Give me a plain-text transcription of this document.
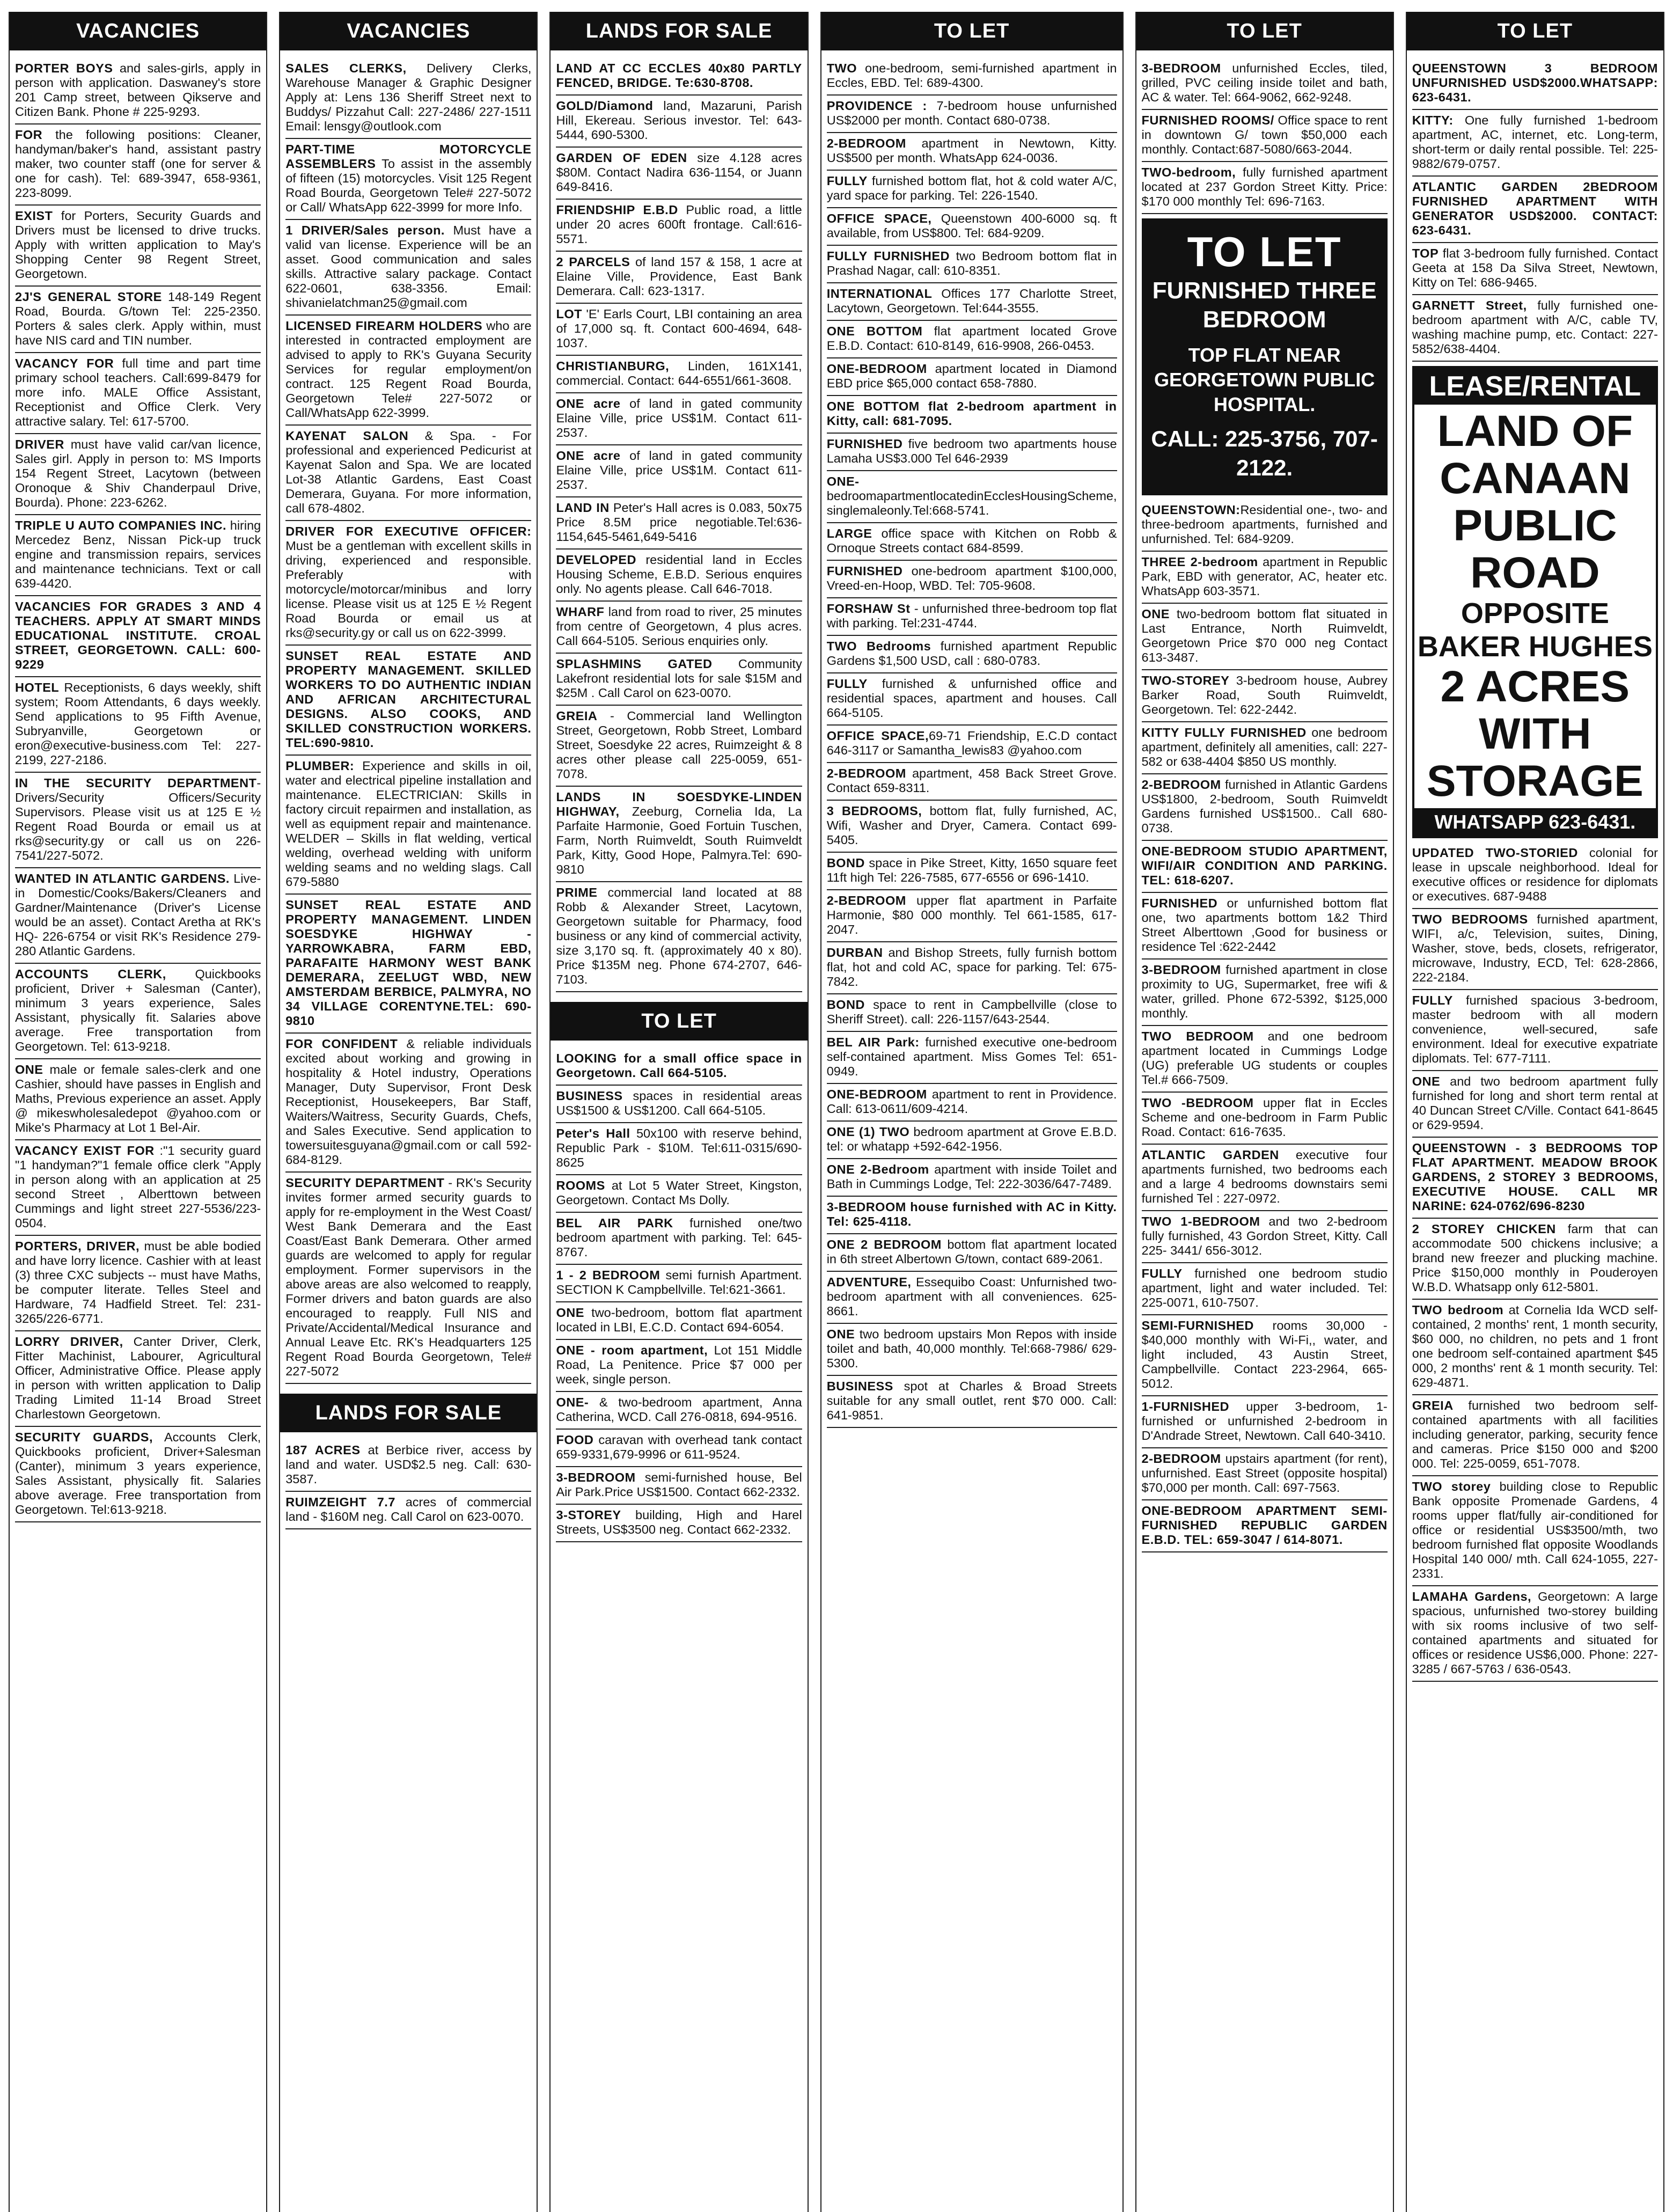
VACANCIES
PORTER BOYS and sales-girls, apply in person with application. Daswaney's store 201 Camp street, between Qikserve and Citizen Bank. Phone # 225-9293.
FOR the following positions: Cleaner, handyman/baker's hand, assistant pastry maker, two counter staff (one for server & one for cash). Tel: 689-3947, 658-9361, 223-8099.
EXIST for Porters, Security Guards and Drivers must be licensed to drive trucks. Apply with written application to May's Shopping Center 98 Regent Street, Georgetown.
2J'S GENERAL STORE 148-149 Regent Road, Bourda. G/town Tel: 225-2350. Porters & sales clerk. Apply within, must have NIS card and TIN number.
VACANCY FOR full time and part time primary school teachers. Call:699-8479 for more info. MALE Office Assistant, Receptionist and Office Clerk. Very attractive salary. Tel: 617-5700.
DRIVER must have valid car/van licence, Sales girl. Apply in person to: MS Imports 154 Regent Street, Lacytown (between Oronoque & Shiv Chanderpaul Drive, Bourda). Phone: 223-6262.
TRIPLE U AUTO COMPANIES INC. hiring Mercedez Benz, Nissan Pick-up truck engine and transmission repairs, services and maintenance technicians. Text or call 639-4420.
VACANCIES FOR GRADES 3 AND 4 TEACHERS. APPLY AT SMART MINDS EDUCATIONAL INSTITUTE. CROAL STREET, GEORGETOWN. CALL: 600-9229
HOTEL Receptionists, 6 days weekly, shift system; Room Attendants, 6 days weekly. Send applications to 95 Fifth Avenue, Subryanville, Georgetown or eron@executive-business.com Tel: 227-2199, 227-2186.
IN THE SECURITY DEPARTMENT- Drivers/Security Officers/Security Supervisors. Please visit us at 125 E ½ Regent Road Bourda or email us at rks@security.gy or call us on 226-7541/227-5072.
WANTED IN ATLANTIC GARDENS. Live-in Domestic/Cooks/Bakers/Cleaners and Gardner/Maintenance (Driver's License would be an asset). Contact Aretha at RK's HQ- 226-6754 or visit RK's Residence 279-280 Atlantic Gardens.
ACCOUNTS CLERK, Quickbooks proficient, Driver + Salesman (Canter), minimum 3 years experience, Sales Assistant, physically fit. Salaries above average. Free transportation from Georgetown. Tel: 613-9218.
ONE male or female sales-clerk and one Cashier, should have passes in English and Maths, Previous experience an asset. Apply @ mikeswholesaledepot @yahoo.com or Mike's Pharmacy at Lot 1 Bel-Air.
VACANCY EXIST FOR :"1 security guard "1 handyman?"1 female office clerk "Apply in person along with an application at 25 second Street , Alberttown between Cummings and light street 227-5536/223-0504.
PORTERS, DRIVER, must be able bodied and have lorry licence. Cashier with at least (3) three CXC subjects -- must have Maths, be computer literate. Telles Steel and Hardware, 74 Hadfield Street. Tel: 231-3265/226-6771.
LORRY DRIVER, Canter Driver, Clerk, Fitter Machinist, Labourer, Agricultural Officer, Administrative Office. Please apply in person with written application to Dalip Trading Limited 11-14 Broad Street Charlestown Georgetown.
SECURITY GUARDS, Accounts Clerk, Quickbooks proficient, Driver+Salesman (Canter), minimum 3 years experience, Sales Assistant, physically fit. Salaries above average. Free transportation from Georgetown. Tel:613-9218.
VACANCIES
SALES CLERKS, Delivery Clerks, Warehouse Manager & Graphic Designer Apply at: Lens 136 Sheriff Street next to Buddys/ Pizzahut Call: 227-2486/ 227-1511 Email: lensgy@outlook.com
PART-TIME MOTORCYCLE ASSEMBLERS To assist in the assembly of fifteen (15) motorcycles. Visit 125 Regent Road Bourda, Georgetown Tele# 227-5072 or Call/ WhatsApp 622-3999 for more Info.
1 DRIVER/Sales person. Must have a valid van license. Experience will be an asset. Good communication and sales skills. Attractive salary package. Contact 622-0601, 638-3356. Email: shivanielatchman25@gmail.com
LICENSED FIREARM HOLDERS who are interested in contracted employment are advised to apply to RK's Guyana Security Services for regular employment/on contract. 125 Regent Road Bourda, Georgetown Tele# 227-5072 or Call/WhatsApp 622-3999.
KAYENAT SALON & Spa. - For professional and experienced Pedicurist at Kayenat Salon and Spa. We are located Lot-38 Atlantic Gardens, East Coast Demerara, Guyana. For more information, call 678-4802.
DRIVER FOR EXECUTIVE OFFICER: Must be a gentleman with excellent skills in driving, experienced and responsible. Preferably with motorcycle/motorcar/minibus and lorry license. Please visit us at 125 E ½ Regent Road Bourda or email us at rks@security.gy or call us on 622-3999.
SUNSET REAL ESTATE AND PROPERTY MANAGEMENT. SKILLED WORKERS TO DO AUTHENTIC INDIAN AND AFRICAN ARCHITECTURAL DESIGNS. ALSO COOKS, AND SKILLED CONSTRUCTION WORKERS. TEL:690-9810.
PLUMBER: Experience and skills in oil, water and electrical pipeline installation and maintenance. ELECTRICIAN: Skills in factory circuit repairmen and installation, as well as equipment repair and maintenance. WELDER – Skills in flat welding, vertical welding, overhead welding with uniform welding seams and no welding slags. Call 679-5880
SUNSET REAL ESTATE AND PROPERTY MANAGEMENT. LINDEN SOESDYKE HIGHWAY - YARROWKABRA, FARM EBD, PARAFAITE HARMONY WEST BANK DEMERARA, ZEELUGT WBD, NEW AMSTERDAM BERBICE, PALMYRA, NO 34 VILLAGE CORENTYNE.TEL: 690-9810
FOR CONFIDENT & reliable individuals excited about working and growing in hospitality & Hotel industry, Operations Manager, Duty Supervisor, Front Desk Receptionist, Housekeepers, Bar Staff, Waiters/Waitress, Security Guards, Chefs, and Sales Executive. Send application to towersuitesguyana@gmail.com or call 592-684-8129.
SECURITY DEPARTMENT - RK's Security invites former armed security guards to apply for re-employment in the West Coast/ West Bank Demerara and the East Coast/East Bank Demerara. Other armed guards are welcomed to apply for regular employment. Former supervisors in the above areas are also welcomed to reapply, Former drivers and baton guards are also encouraged to reapply. Full NIS and Private/Accidental/Medical Insurance and Annual Leave Etc. RK's Headquarters 125 Regent Road Bourda Georgetown, Tele# 227-5072
LANDS FOR SALE
187 ACRES at Berbice river, access by land and water. USD$2.5 neg. Call: 630-3587.
RUIMZEIGHT 7.7 acres of commercial land - $160M neg. Call Carol on 623-0070.
LANDS FOR SALE
LAND AT CC ECCLES 40x80 PARTLY FENCED, BRIDGE. Te:630-8708.
GOLD/Diamond land, Mazaruni, Parish Hill, Ekereau. Serious investor. Tel: 643-5444, 690-5300.
GARDEN OF EDEN size 4.128 acres $80M. Contact Nadira 636-1154, or Juann 649-8416.
FRIENDSHIP E.B.D Public road, a little under 20 acres 600ft frontage. Call:616-5571.
2 PARCELS of land 157 & 158, 1 acre at Elaine Ville, Providence, East Bank Demerara. Call: 623-1317.
LOT 'E' Earls Court, LBI containing an area of 17,000 sq. ft. Contact 600-4694, 648-1037.
CHRISTIANBURG, Linden, 161X141, commercial. Contact: 644-6551/661-3608.
ONE acre of land in gated community Elaine Ville, price US$1M. Contact 611-2537.
ONE acre of land in gated community Elaine Ville, price US$1M. Contact 611-2537.
LAND IN Peter's Hall acres is 0.083, 50x75 Price 8.5M price negotiable.Tel:636-1154,645-5461,649-5416
DEVELOPED residential land in Eccles Housing Scheme, E.B.D. Serious enquires only. No agents please. Call 646-7018.
WHARF land from road to river, 25 minutes from centre of Georgetown, 4 plus acres. Call 664-5105. Serious enquiries only.
SPLASHMINS GATED Community Lakefront residential lots for sale $15M and $25M . Call Carol on 623-0070.
GREIA - Commercial land Wellington Street, Georgetown, Robb Street, Lombard Street, Soesdyke 22 acres, Ruimzeight & 8 acres other please call 225-0059, 651-7078.
LANDS IN SOESDYKE-LINDEN HIGHWAY, Zeeburg, Cornelia Ida, La Parfaite Harmonie, Goed Fortuin Tuschen, Farm, North Ruimveldt, South Ruimveldt Park, Kitty, Good Hope, Palmyra.Tel: 690-9810
PRIME commercial land located at 88 Robb & Alexander Street, Lacytown, Georgetown suitable for Pharmacy, food business or any kind of commercial activity, size 3,170 sq. ft. (approximately 40 x 80). Price $135M neg. Phone 674-2707, 646-7103.
TO LET
LOOKING for a small office space in Georgetown. Call 664-5105.
BUSINESS spaces in residential areas US$1500 & US$1200. Call 664-5105.
Peter's Hall 50x100 with reserve behind, Republic Park - $10M. Tel:611-0315/690-8625
ROOMS at Lot 5 Water Street, Kingston, Georgetown. Contact Ms Dolly.
BEL AIR PARK furnished one/two bedroom apartment with parking. Tel: 645-8767.
1 - 2 BEDROOM semi furnish Apartment. SECTION K Campbellville. Tel:621-3661.
ONE two-bedroom, bottom flat apartment located in LBI, E.C.D. Contact 694-6054.
ONE - room apartment, Lot 151 Middle Road, La Penitence. Price $7 000 per week, single person.
ONE- & two-bedroom apartment, Anna Catherina, WCD. Call 276-0818, 694-9516.
FOOD caravan with overhead tank contact 659-9331,679-9996 or 611-9524.
3-BEDROOM semi-furnished house, Bel Air Park.Price US$1500. Contact 662-2332.
3-STOREY building, High and Harel Streets, US$3500 neg. Contact 662-2332.
TO LET
TWO one-bedroom, semi-furnished apartment in Eccles, EBD. Tel: 689-4300.
PROVIDENCE : 7-bedroom house unfurnished US$2000 per month. Contact 680-0738.
2-BEDROOM apartment in Newtown, Kitty. US$500 per month. WhatsApp 624-0036.
FULLY furnished bottom flat, hot & cold water A/C, yard space for parking. Tel: 226-1540.
OFFICE SPACE, Queenstown 400-6000 sq. ft available, from US$800. Tel: 684-9209.
FULLY FURNISHED two Bedroom bottom flat in Prashad Nagar, call: 610-8351.
INTERNATIONAL Offices 177 Charlotte Street, Lacytown, Georgetown. Tel:644-3555.
ONE BOTTOM flat apartment located Grove E.B.D. Contact: 610-8149, 616-9908, 266-0453.
ONE-BEDROOM apartment located in Diamond EBD price $65,000 contact 658-7880.
ONE BOTTOM flat 2-bedroom apartment in Kitty, call: 681-7095.
FURNISHED five bedroom two apartments house Lamaha US$3.000 Tel 646-2939
ONE-bedroomapartmentlocatedinEcclesHousingScheme, singlemaleonly.Tel:668-5741.
LARGE office space with Kitchen on Robb & Ornoque Streets contact 684-8599.
FURNISHED one-bedroom apartment $100,000, Vreed-en-Hoop, WBD. Tel: 705-9608.
FORSHAW St - unfurnished three-bedroom top flat with parking. Tel:231-4744.
TWO Bedrooms furnished apartment Republic Gardens $1,500 USD, call : 680-0783.
FULLY furnished & unfurnished office and residential spaces, apartment and houses. Call 664-5105.
OFFICE SPACE,69-71 Friendship, E.C.D contact 646-3117 or Samantha_lewis83 @yahoo.com
2-BEDROOM apartment, 458 Back Street Grove. Contact 659-8311.
3 BEDROOMS, bottom flat, fully furnished, AC, Wifi, Washer and Dryer, Camera. Contact 699-5405.
BOND space in Pike Street, Kitty, 1650 square feet 11ft high Tel: 226-7585, 677-6556 or 696-1410.
2-BEDROOM upper flat apartment in Parfaite Harmonie, $80 000 monthly. Tel 661-1585, 617-2047.
DURBAN and Bishop Streets, fully furnish bottom flat, hot and cold AC, space for parking. Tel: 675-7842.
BOND space to rent in Campbellville (close to Sheriff Street). call: 226-1157/643-2544.
BEL AIR Park: furnished executive one-bedroom self-contained apartment. Miss Gomes Tel: 651-0949.
ONE-BEDROOM apartment to rent in Providence. Call: 613-0611/609-4214.
ONE (1) TWO bedroom apartment at Grove E.B.D. tel: or whatapp +592-642-1956.
ONE 2-Bedroom apartment with inside Toilet and Bath in Cummings Lodge, Tel: 222-3036/647-7489.
3-BEDROOM house furnished with AC in Kitty. Tel: 625-4118.
ONE 2 BEDROOM bottom flat apartment located in 6th street Albertown G/town, contact 689-2061.
ADVENTURE, Essequibo Coast: Unfurnished two-bedroom apartment with all conveniences. 625-8661.
ONE two bedroom upstairs Mon Repos with inside toilet and bath, 40,000 monthly. Tel:668-7986/ 629-5300.
BUSINESS spot at Charles & Broad Streets suitable for any small outlet, rent $70 000. Call: 641-9851.
TO LET
3-BEDROOM unfurnished Eccles, tiled, grilled, PVC ceiling inside toilet and bath, AC & water. Tel: 664-9062, 662-9248.
FURNISHED ROOMS/ Office space to rent in downtown G/ town $50,000 each monthly. Contact:687-5080/663-2044.
TWO-bedroom, fully furnished apartment located at 237 Gordon Street Kitty. Price: $170 000 monthly Tel: 696-7163.
TO LET
FURNISHED THREE BEDROOM
TOP FLAT NEAR GEORGETOWN PUBLIC HOSPITAL.
CALL: 225-3756, 707-2122.
QUEENSTOWN:Residential one-, two- and three-bedroom apartments, furnished and unfurnished. Tel: 684-9209.
THREE 2-bedroom apartment in Republic Park, EBD with generator, AC, heater etc. WhatsApp 603-3571.
ONE two-bedroom bottom flat situated in Last Entrance, North Ruimveldt, Georgetown Price $70 000 neg Contact 613-3487.
TWO-STOREY 3-bedroom house, Aubrey Barker Road, South Ruimveldt, Georgetown. Tel: 622-2442.
KITTY FULLY FURNISHED one bedroom apartment, definitely all amenities, call: 227-582 or 638-4404 $850 US monthly.
2-BEDROOM furnished in Atlantic Gardens US$1800, 2-bedroom, South Ruimveldt Gardens furnished US$1500.. Call 680-0738.
ONE-BEDROOM STUDIO APARTMENT, WIFI/AIR CONDITION AND PARKING. TEL: 618-6207.
FURNISHED or unfurnished bottom flat one, two apartments bottom 1&2 Third Street Alberttown ,Good for business or residence Tel :622-2442
3-BEDROOM furnished apartment in close proximity to UG, Supermarket, free wifi & water, grilled. Phone 672-5392, $125,000 monthly.
TWO BEDROOM and one bedroom apartment located in Cummings Lodge (UG) preferable UG students or couples Tel.# 666-7509.
TWO -BEDROOM upper flat in Eccles Scheme and one-bedroom in Farm Public Road. Contact: 616-7635.
ATLANTIC GARDEN executive four apartments furnished, two bedrooms each and a large 4 bedrooms downstairs semi furnished Tel : 227-0972.
TWO 1-BEDROOM and two 2-bedroom fully furnished, 43 Gordon Street, Kitty. Call 225- 3441/ 656-3012.
FULLY furnished one bedroom studio apartment, light and water included. Tel: 225-0071, 610-7507.
SEMI-FURNISHED rooms 30,000 - $40,000 monthly with Wi-Fi,, water, and light included, 43 Austin Street, Campbellville. Contact 223-2964, 665-5012.
1-FURNISHED upper 3-bedroom, 1-furnished or unfurnished 2-bedroom in D'Andrade Street, Newtown. Call 640-3410.
2-BEDROOM upstairs apartment (for rent), unfurnished. East Street (opposite hospital) $70,000 per month. Call: 697-7563.
ONE-BEDROOM APARTMENT SEMI-FURNISHED REPUBLIC GARDEN E.B.D. TEL: 659-3047 / 614-8071.
TO LET
QUEENSTOWN 3 BEDROOM UNFURNISHED USD$2000.WHATSAPP: 623-6431.
KITTY: One fully furnished 1-bedroom apartment, AC, internet, etc. Long-term, short-term or daily rental possible. Tel: 225-9882/679-0757.
ATLANTIC GARDEN 2BEDROOM FURNISHED APARTMENT WITH GENERATOR USD$2000. CONTACT: 623-6431.
TOP flat 3-bedroom fully furnished. Contact Geeta at 158 Da Silva Street, Newtown, Kitty on Tel: 686-9465.
GARNETT Street, fully furnished one-bedroom apartment with A/C, cable TV, washing machine pump, etc. Contact: 227-5852/638-4404.
LEASE/RENTAL
LAND OF CANAAN PUBLIC ROAD
OPPOSITE BAKER HUGHES
2 ACRES WITH STORAGE
WHATSAPP 623-6431.
UPDATED TWO-STORIED colonial for lease in upscale neighborhood. Ideal for executive offices or residence for diplomats or executives. 687-9488
TWO BEDROOMS furnished apartment, WIFI, a/c, Television, suites, Dining, Washer, stove, beds, closets, refrigerator, microwave, Industry, ECD, Tel: 628-2866, 222-2184.
FULLY furnished spacious 3-bedroom, master bedroom with all modern convenience, well-secured, safe environment. Ideal for executive expatriate diplomats. Tel: 677-7111.
ONE and two bedroom apartment fully furnished for long and short term rental at 40 Duncan Street C/Ville. Contact 641-8645 or 629-9594.
QUEENSTOWN - 3 BEDROOMS TOP FLAT APARTMENT. MEADOW BROOK GARDENS, 2 STOREY 3 BEDROOMS, EXECUTIVE HOUSE. CALL MR NARINE: 624-0762/696-8230
2 STOREY CHICKEN farm that can accommodate 500 chickens inclusive; a brand new freezer and plucking machine. Price $150,000 monthly in Pouderoyen W.B.D. Whatsapp only 612-5801.
TWO bedroom at Cornelia Ida WCD self-contained, 2 months' rent, 1 month security, $60 000, no children, no pets and 1 front one bedroom self-contained apartment $45 000, 2 months' rent & 1 month security. Tel: 629-4871.
GREIA furnished two bedroom self-contained apartments with all facilities including generator, parking, security fence and cameras. Price $150 000 and $200 000. Tel: 225-0059, 651-7078.
TWO storey building close to Republic Bank opposite Promenade Gardens, 4 rooms upper flat/fully air-conditioned for office or residential US$3500/mth, two bedroom furnished flat opposite Woodlands Hospital 140 000/ mth. Call 624-1055, 227-2331.
LAMAHA Gardens, Georgetown: A large spacious, unfurnished two-storey building with six rooms inclusive of two self-contained apartments and situated for offices or residence US$6,000. Phone: 227-3285 / 667-5763 / 636-0543.
